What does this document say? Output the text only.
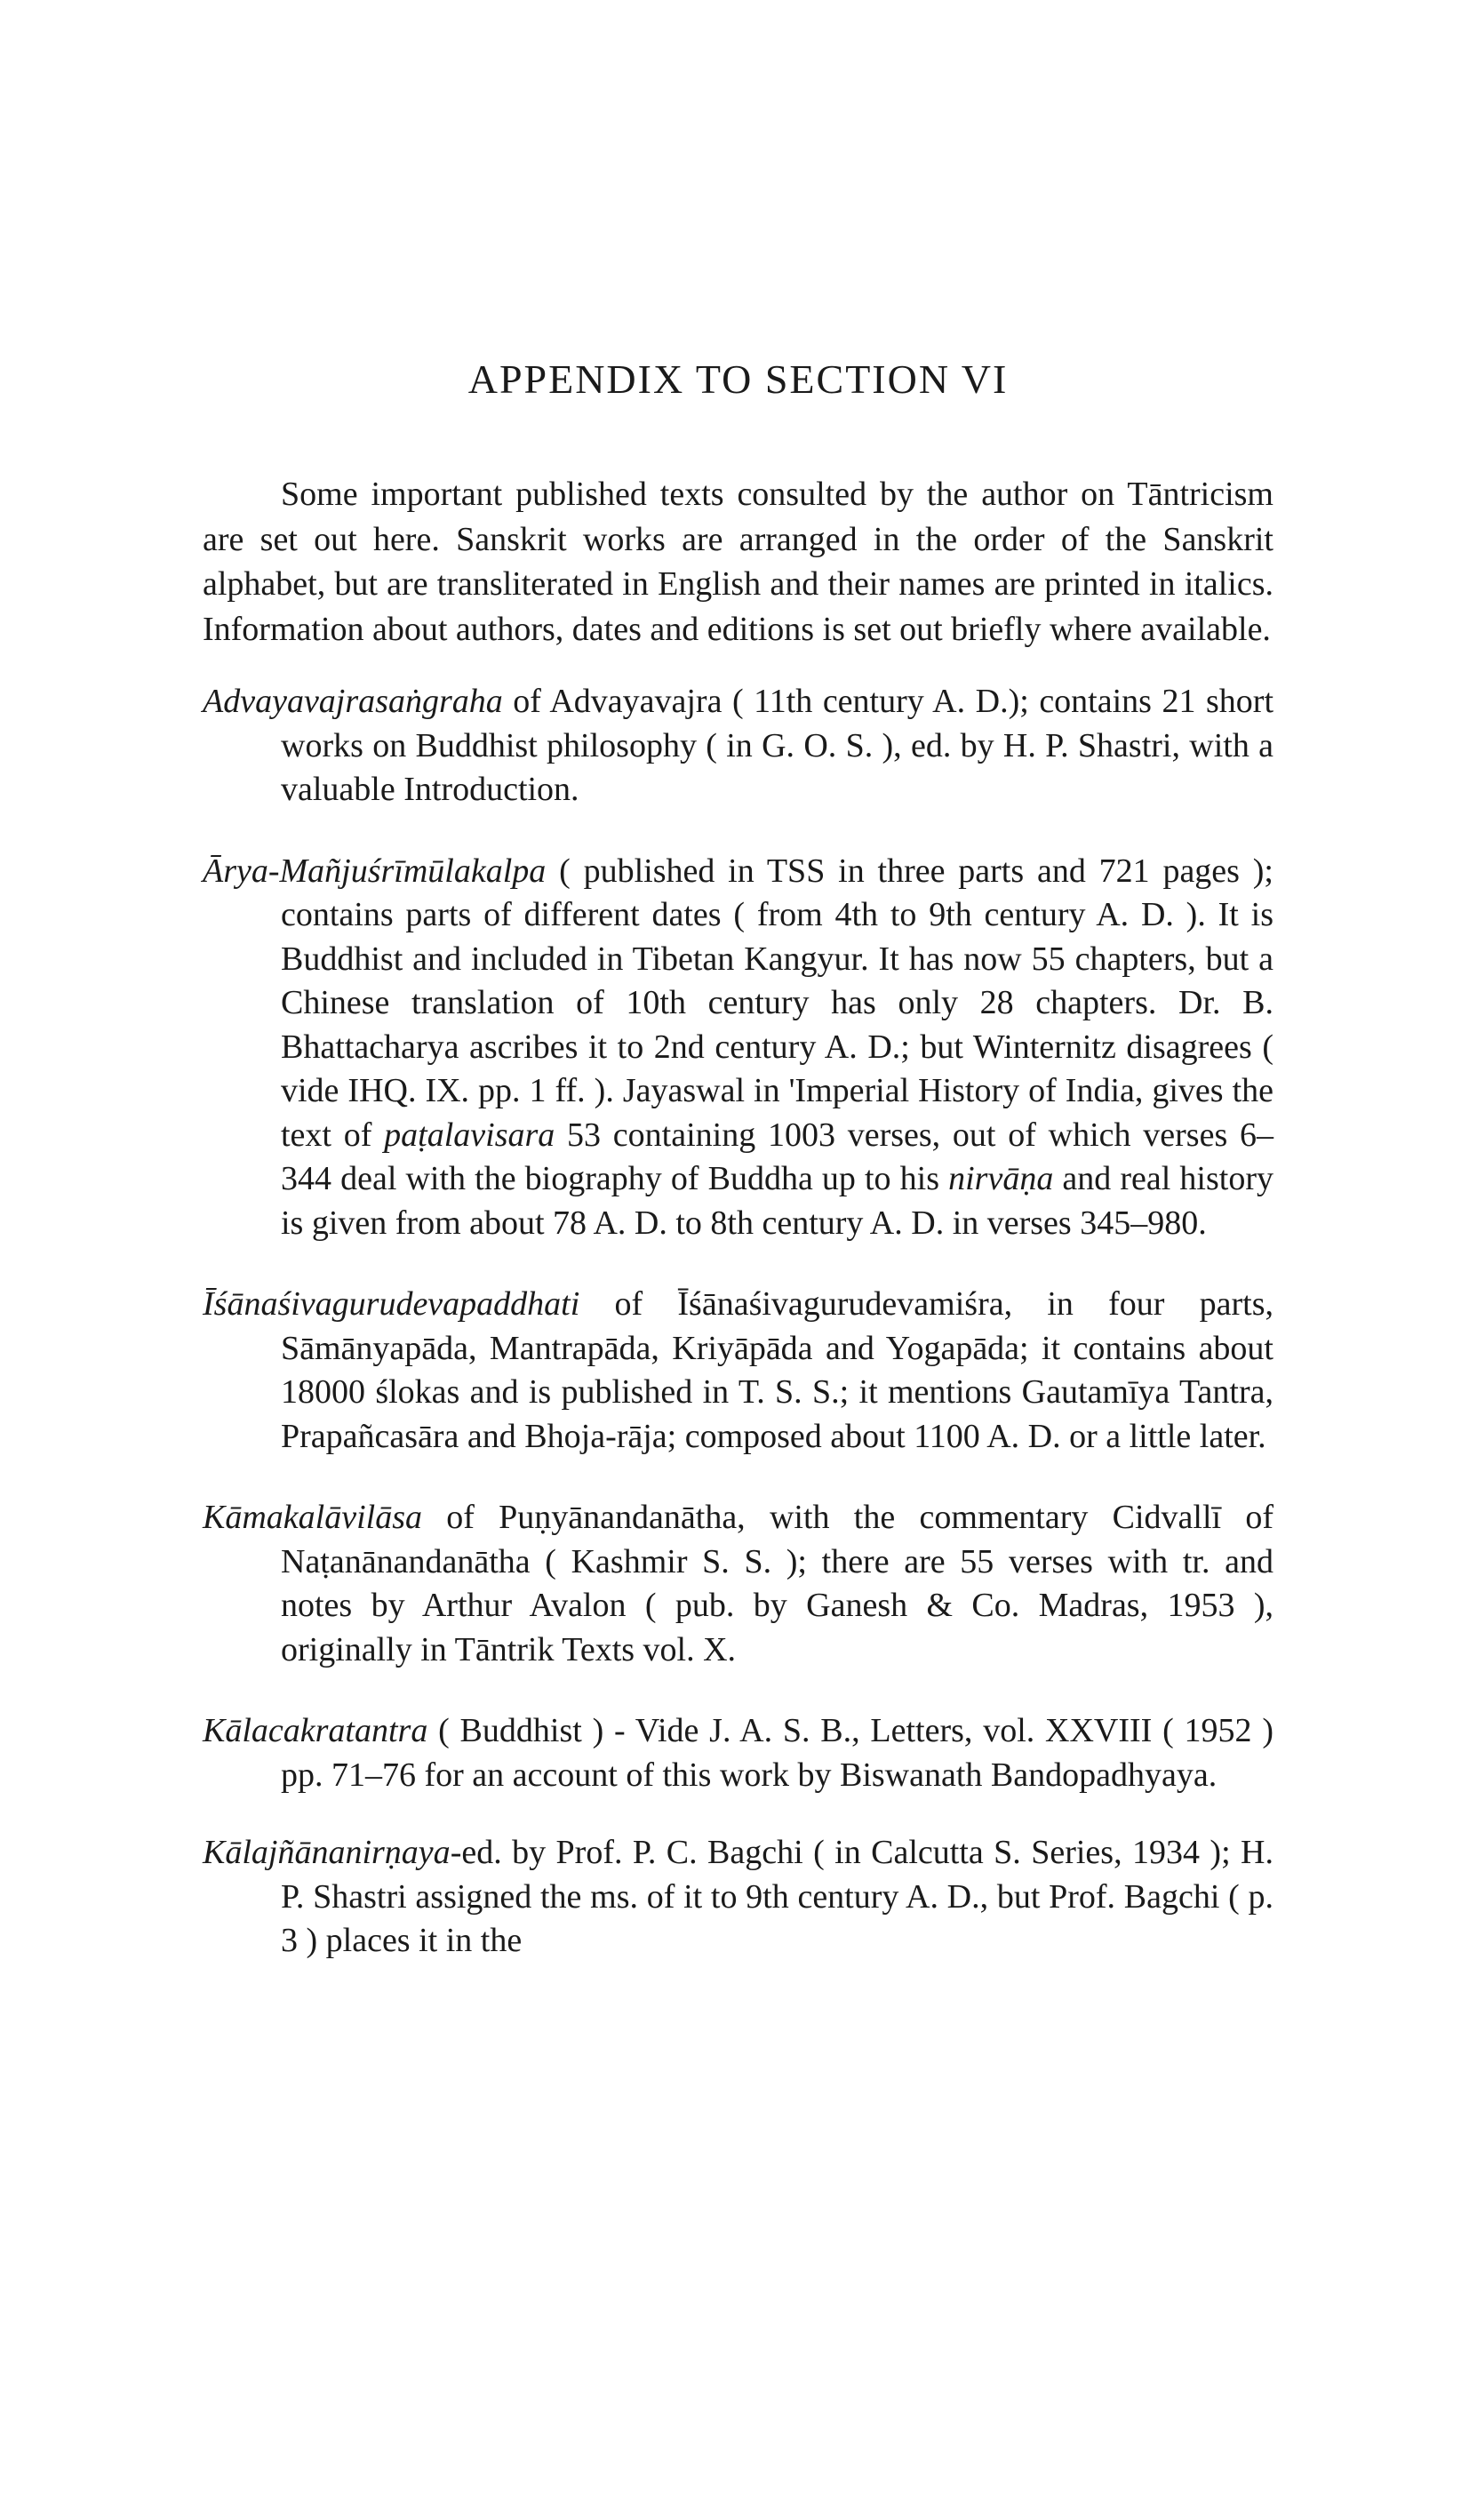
APPENDIX TO SECTION VI

Some important published texts consulted by the author on Tāntricism are set out here. Sanskrit works are arranged in the order of the Sanskrit alphabet, but are transliterated in English and their names are printed in italics. Information about authors, dates and editions is set out briefly where available.

Advayavajrasaṅgraha of Advayavajra ( 11th century A. D.); contains 21 short works on Buddhist philosophy ( in G. O. S. ), ed. by H. P. Shastri, with a valuable Introduction.

Ārya-Mañjuśrīmūlakalpa ( published in TSS in three parts and 721 pages ); contains parts of different dates ( from 4th to 9th century A. D. ). It is Buddhist and included in Tibetan Kangyur. It has now 55 chapters, but a Chinese translation of 10th century has only 28 chapters. Dr. B. Bhattacharya ascribes it to 2nd century A. D.; but Winternitz disagrees ( vide IHQ. IX. pp. 1 ff. ). Jayaswal in 'Imperial History of India, gives the text of paṭalavisara 53 containing 1003 verses, out of which verses 6–344 deal with the biography of Buddha up to his nirvāṇa and real history is given from about 78 A. D. to 8th century A. D. in verses 345–980.

Īśānaśivagurudevapaddhati of Īśānaśivagurudevamiśra, in four parts, Sāmānyapāda, Mantrapāda, Kriyāpāda and Yogapāda; it contains about 18000 ślokas and is published in T. S. S.; it mentions Gautamīya Tantra, Prapañcasāra and Bhoja-rāja; composed about 1100 A. D. or a little later.

Kāmakalāvilāsa of Puṇyānandanātha, with the commentary Cidvallī of Naṭanānandanātha ( Kashmir S. S. ); there are 55 verses with tr. and notes by Arthur Avalon ( pub. by Ganesh & Co. Madras, 1953 ), originally in Tāntrik Texts vol. X.

Kālacakratantra ( Buddhist ) - Vide J. A. S. B., Letters, vol. XXVIII ( 1952 ) pp. 71–76 for an account of this work by Biswanath Bandopadhyaya.

Kālajñānanirṇaya-ed. by Prof. P. C. Bagchi ( in Calcutta S. Series, 1934 ); H. P. Shastri assigned the ms. of it to 9th century A. D., but Prof. Bagchi ( p. 3 ) places it in the
